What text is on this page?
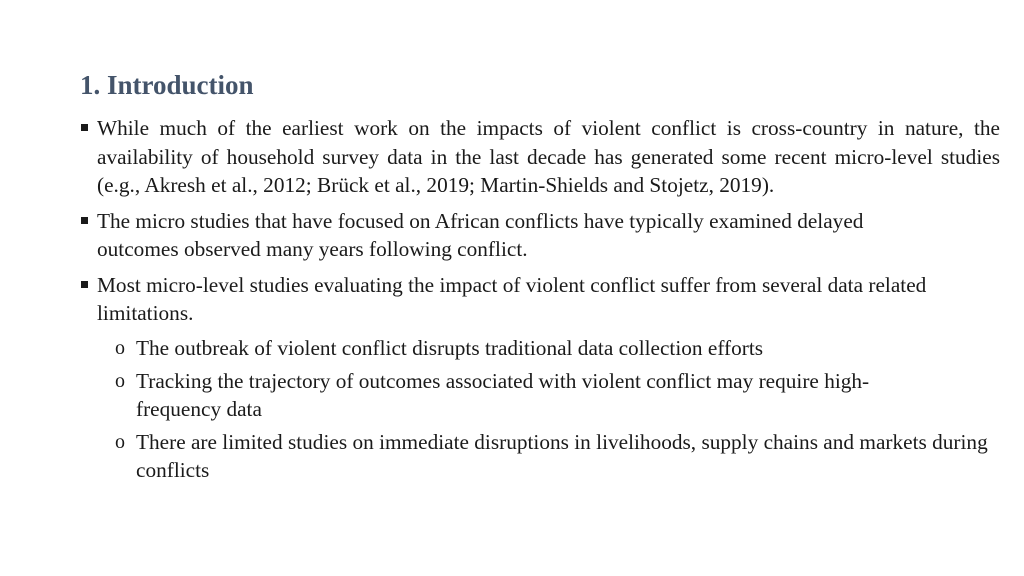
1. Introduction
While much of the earliest work on the impacts of violent conflict is cross-country in nature, the availability of household survey data in the last decade has generated some recent micro-level studies (e.g., Akresh et al., 2012; Brück et al., 2019; Martin-Shields and Stojetz, 2019).
The micro studies that have focused on African conflicts have typically examined delayed outcomes observed many years following conflict.
Most micro-level studies evaluating the impact of violent conflict suffer from several data related limitations.
o The outbreak of violent conflict disrupts traditional data collection efforts
o Tracking the trajectory of outcomes associated with violent conflict may require high-frequency data
o There are limited studies on immediate disruptions in livelihoods, supply chains and markets during conflicts
